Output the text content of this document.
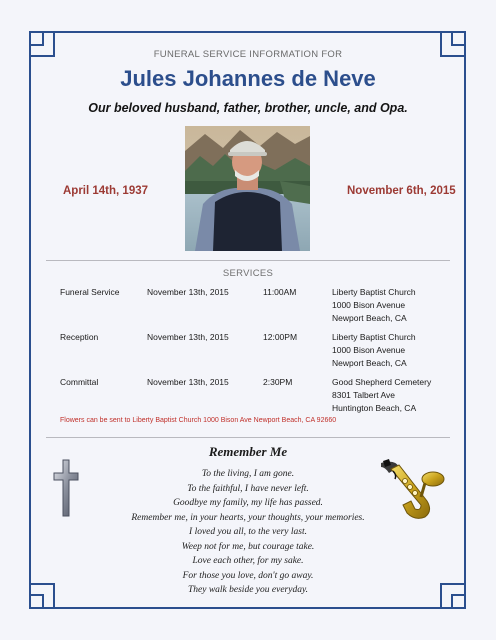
FUNERAL SERVICE INFORMATION FOR
Jules Johannes de Neve
Our beloved husband, father, brother, uncle, and Opa.
April 14th, 1937	November 6th, 2015
SERVICES
Funeral Service	November 13th, 2015	11:00AM	Liberty Baptist Church
1000 Bison Avenue
Newport Beach, CA
Reception	November 13th, 2015	12:00PM	Liberty Baptist Church
1000 Bison Avenue
Newport Beach, CA
Committal	November 13th, 2015	2:30PM	Good Shepherd Cemetery
8301 Talbert Ave
Huntington Beach, CA
Flowers can be sent to Liberty Baptist Church 1000 Bison Ave Newport Beach, CA 92660
Remember Me
To the living, I am gone.
To the faithful, I have never left.
Goodbye my family, my life has passed.
Remember me, in your hearts, your thoughts, your memories.
I loved you all, to the very last.
Weep not for me, but courage take.
Love each other, for my sake.
For those you love, don't go away.
They walk beside you everyday.
